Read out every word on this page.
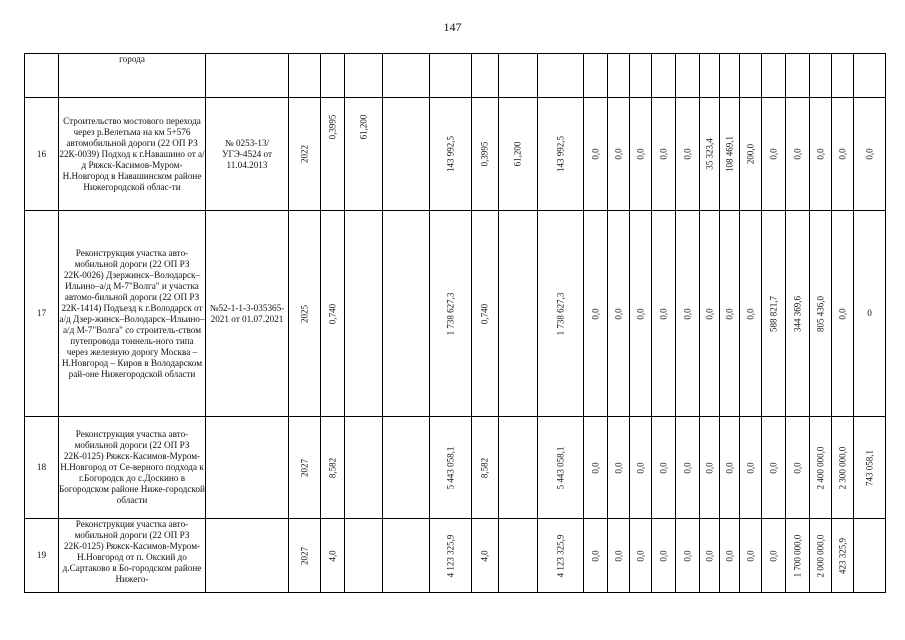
147
	города																						
16	Строительство мостового перехода через р.Велетьма на км 5+576 автомобильной дороги (22 ОП РЗ 22К-0039) Подход к г.Навашино от а/д Ряжск-Касимов-Муром-Н.Новгород в Навашинском районе Нижегородской облас-ти	№ 0253-13/УГЭ-4524 от 11.04.2013	2022	0,3995	61,200		143 992,5	0,3995	61,200	143 992,5	0,0	0,0	0,0	0,0	0,0	35 323,4	108 469,1	200,0	0,0	0,0	0,0	0,0	0,0

17	Реконструкция участка авто-мобильной дороги (22 ОП РЗ 22К-0026) Дзержинск–Володарск–Ильино–а/д М-7"Волга" и участка автомо-бильной дороги (22 ОП РЗ 22К-1414) Подъезд к г.Володарск от а/д Дзер-жинск–Володарск–Ильино–а/д М-7"Волга" со строитель-ством путепровода тоннель-ного типа через железную дорогу Москва – Н.Новгород – Киров в Володарском рай-оне Нижегородской области	№52-1-1-3-035365-2021 от 01.07.2021	2025	0,740			1 738 627,3	0,740		1 738 627,3	0,0	0,0	0,0	0,0	0,0	0,0	0,0	0,0	588 821,7	344 369,6	805 436,0	0,0	0
18	Реконструкция участка авто-мобильной дороги (22 ОП РЗ 22К-0125) Ряжск-Касимов-Муром-Н.Новгород от Се-верного подхода к г.Богородск до с.Доскино в Богородском районе Ниже-городской области		2027	8,582			5 443 058,1	8,582		5 443 058,1	0,0	0,0	0,0	0,0	0,0	0,0	0,0	0,0	0,0	0,0	2 400 000,0	2 300 000,0	743 058,1

19	Реконструкция участка авто-мобильной дороги (22 ОП РЗ 22К-0125) Ряжск-Касимов-Муром-Н.Новгород от п. Окский до д.Сартаково в Бо-городском районе Нижего-		2027	4,0			4 123 325,9	4,0		4 123 325,9	0,0	0,0	0,0	0,0	0,0	0,0	0,0	0,0	0,0	1 700 000,0	2 000 000,0	423 325,9	
